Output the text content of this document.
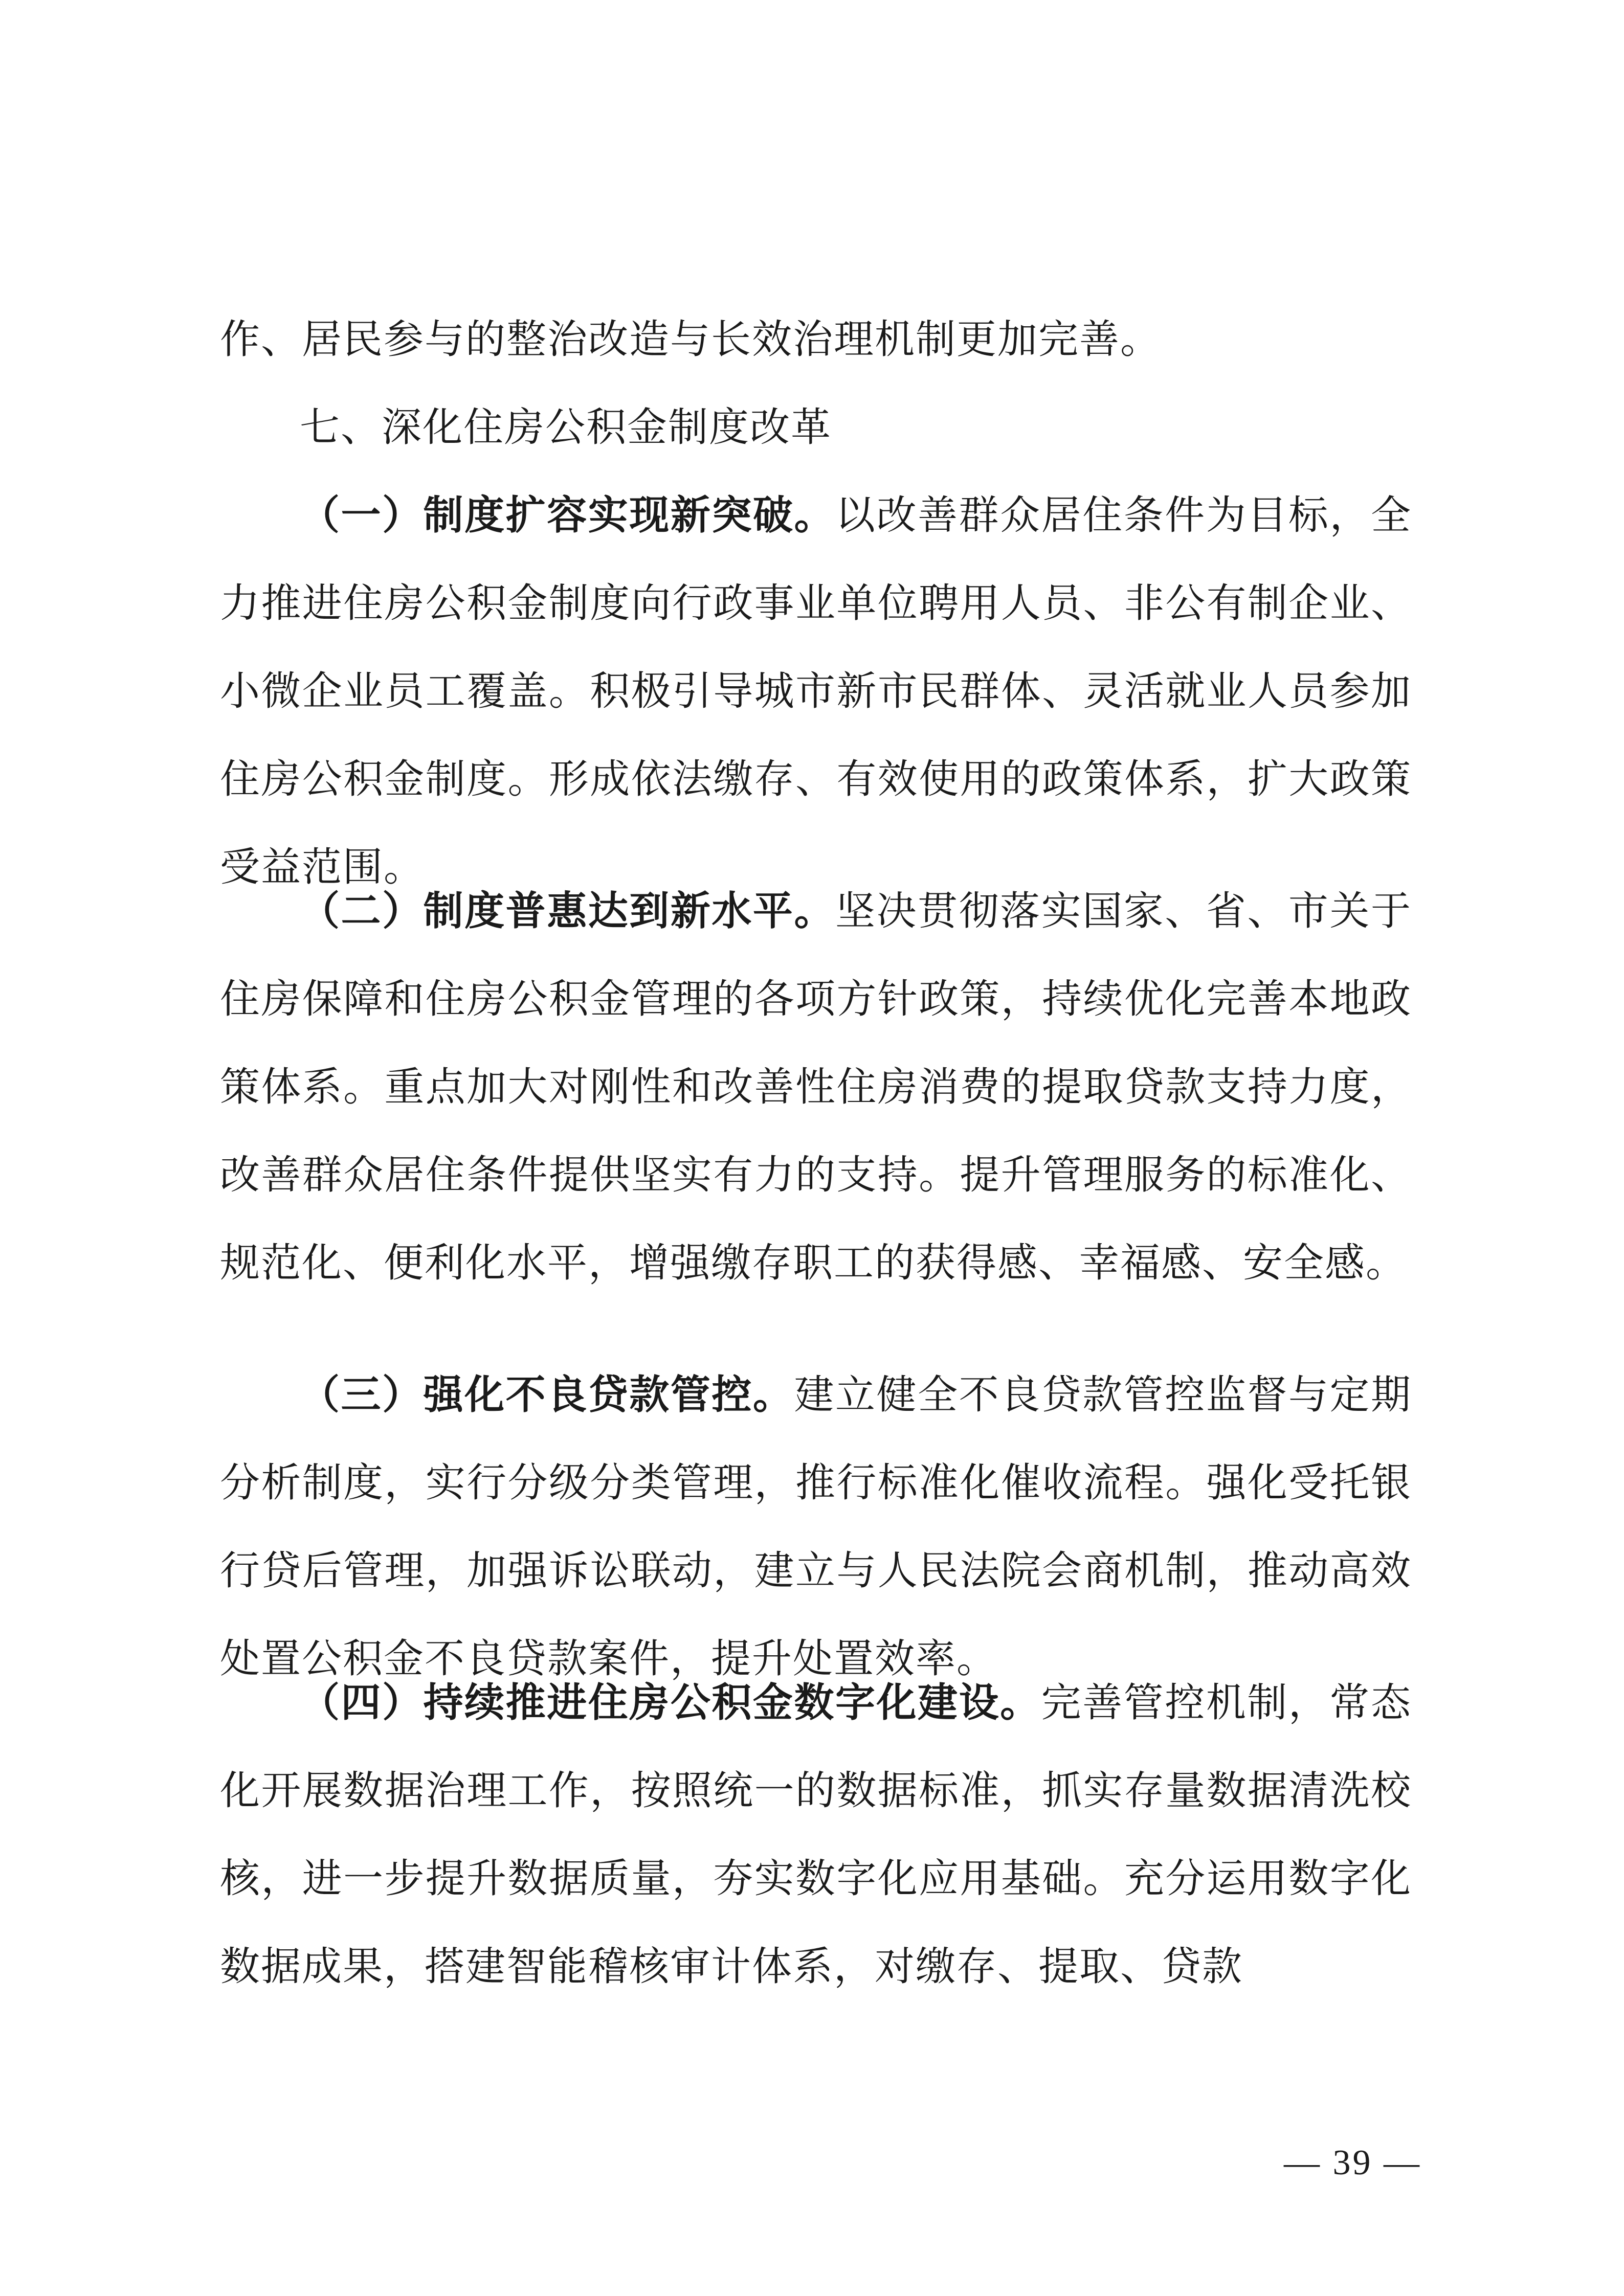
作、居民参与的整治改造与长效治理机制更加完善。

七、深化住房公积金制度改革

（一）制度扩容实现新突破。以改善群众居住条件为目标，全力推进住房公积金制度向行政事业单位聘用人员、非公有制企业、小微企业员工覆盖。积极引导城市新市民群体、灵活就业人员参加住房公积金制度。形成依法缴存、有效使用的政策体系，扩大政策受益范围。

（二）制度普惠达到新水平。坚决贯彻落实国家、省、市关于住房保障和住房公积金管理的各项方针政策，持续优化完善本地政策体系。重点加大对刚性和改善性住房消费的提取贷款支持力度，改善群众居住条件提供坚实有力的支持。提升管理服务的标准化、规范化、便利化水平，增强缴存职工的获得感、幸福感、安全感。

（三）强化不良贷款管控。建立健全不良贷款管控监督与定期分析制度，实行分级分类管理，推行标准化催收流程。强化受托银行贷后管理，加强诉讼联动，建立与人民法院会商机制，推动高效处置公积金不良贷款案件，提升处置效率。

（四）持续推进住房公积金数字化建设。完善管控机制，常态化开展数据治理工作，按照统一的数据标准，抓实存量数据清洗校核，进一步提升数据质量，夯实数字化应用基础。充分运用数字化数据成果，搭建智能稽核审计体系，对缴存、提取、贷款

— 39 —
